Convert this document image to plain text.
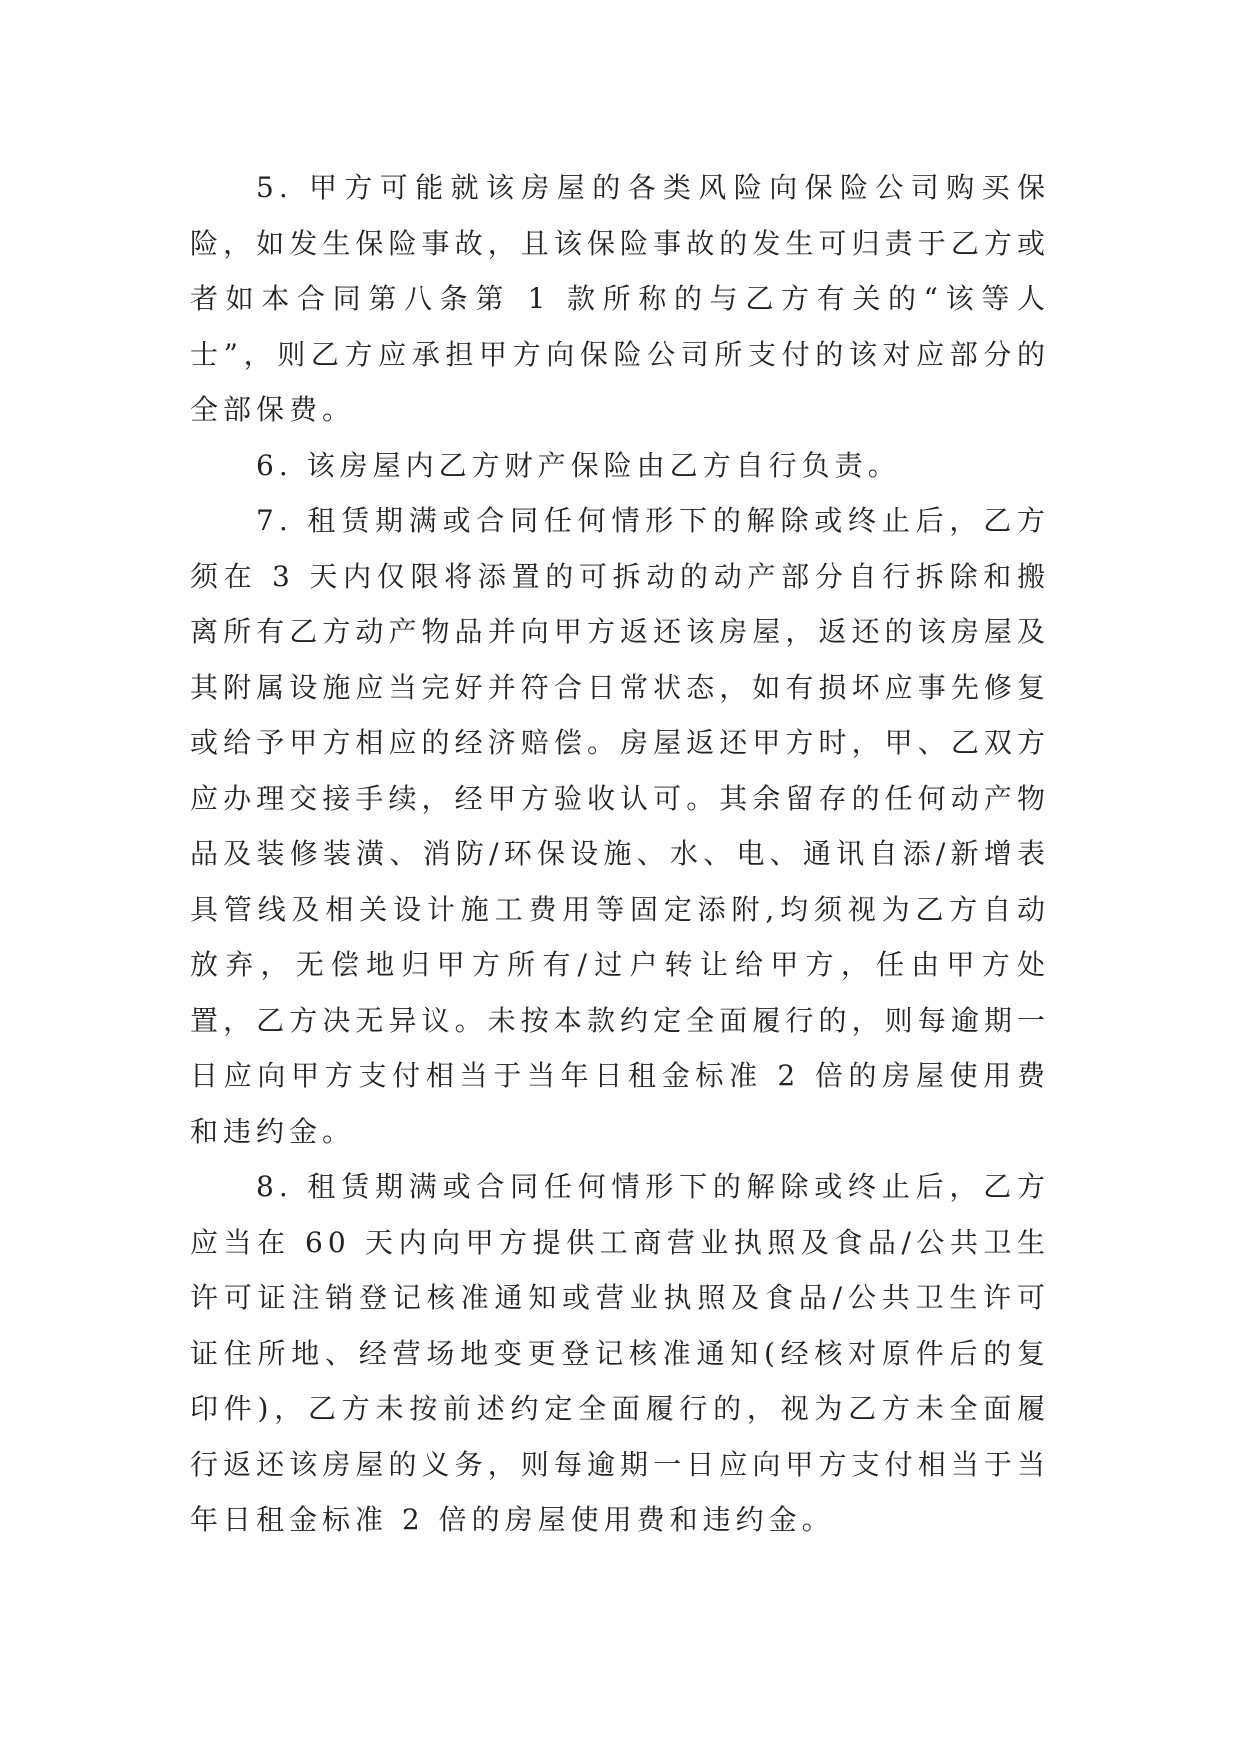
5. 甲方可能就该房屋的各类风险向保险公司购买保险，如发生保险事故，且该保险事故的发生可归责于乙方或者如本合同第八条第 1 款所称的与乙方有关的“该等人士”，则乙方应承担甲方向保险公司所支付的该对应部分的全部保费。

6. 该房屋内乙方财产保险由乙方自行负责。

7. 租赁期满或合同任何情形下的解除或终止后，乙方须在 3 天内仅限将添置的可拆动的动产部分自行拆除和搬离所有乙方动产物品并向甲方返还该房屋，返还的该房屋及其附属设施应当完好并符合日常状态，如有损坏应事先修复或给予甲方相应的经济赔偿。房屋返还甲方时，甲、乙双方应办理交接手续，经甲方验收认可。其余留存的任何动产物品及装修装潢、消防/环保设施、水、电、通讯自添/新增表具管线及相关设计施工费用等固定添附,均须视为乙方自动放弃，无偿地归甲方所有/过户转让给甲方，任由甲方处置，乙方决无异议。未按本款约定全面履行的，则每逾期一日应向甲方支付相当于当年日租金标准 2 倍的房屋使用费和违约金。

8. 租赁期满或合同任何情形下的解除或终止后，乙方应当在 60 天内向甲方提供工商营业执照及食品/公共卫生许可证注销登记核准通知或营业执照及食品/公共卫生许可证住所地、经营场地变更登记核准通知(经核对原件后的复印件)，乙方未按前述约定全面履行的，视为乙方未全面履行返还该房屋的义务，则每逾期一日应向甲方支付相当于当年日租金标准 2 倍的房屋使用费和违约金。
